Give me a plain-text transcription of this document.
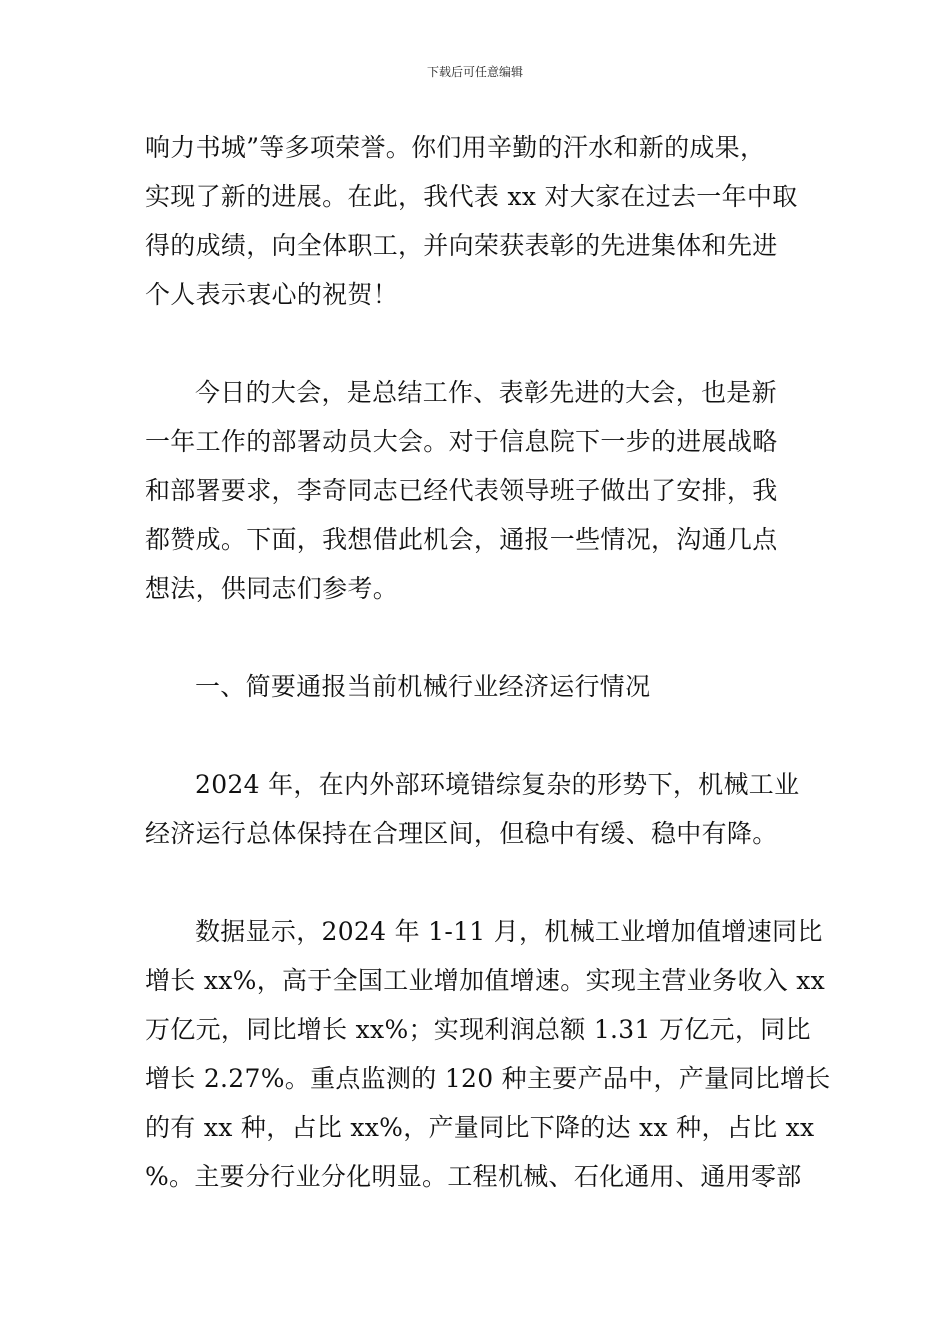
下载后可任意编辑
响力书城”等多项荣誉。你们用辛勤的汗水和新的成果，
实现了新的进展。在此，我代表 xx 对大家在过去一年中取
得的成绩，向全体职工，并向荣获表彰的先进集体和先进
个人表示衷心的祝贺！
今日的大会，是总结工作、表彰先进的大会，也是新
一年工作的部署动员大会。对于信息院下一步的进展战略
和部署要求，李奇同志已经代表领导班子做出了安排，我
都赞成。下面，我想借此机会，通报一些情况，沟通几点
想法，供同志们参考。
一、简要通报当前机械行业经济运行情况
2024 年，在内外部环境错综复杂的形势下，机械工业
经济运行总体保持在合理区间，但稳中有缓、稳中有降。
数据显示，2024 年 1-11 月，机械工业增加值增速同比
增长 xx%，高于全国工业增加值增速。实现主营业务收入 xx
万亿元，同比增长 xx%；实现利润总额 1.31 万亿元，同比
增长 2.27%。重点监测的 120 种主要产品中，产量同比增长
的有 xx 种，占比 xx%，产量同比下降的达 xx 种，占比 xx
%。主要分行业分化明显。工程机械、石化通用、通用零部
